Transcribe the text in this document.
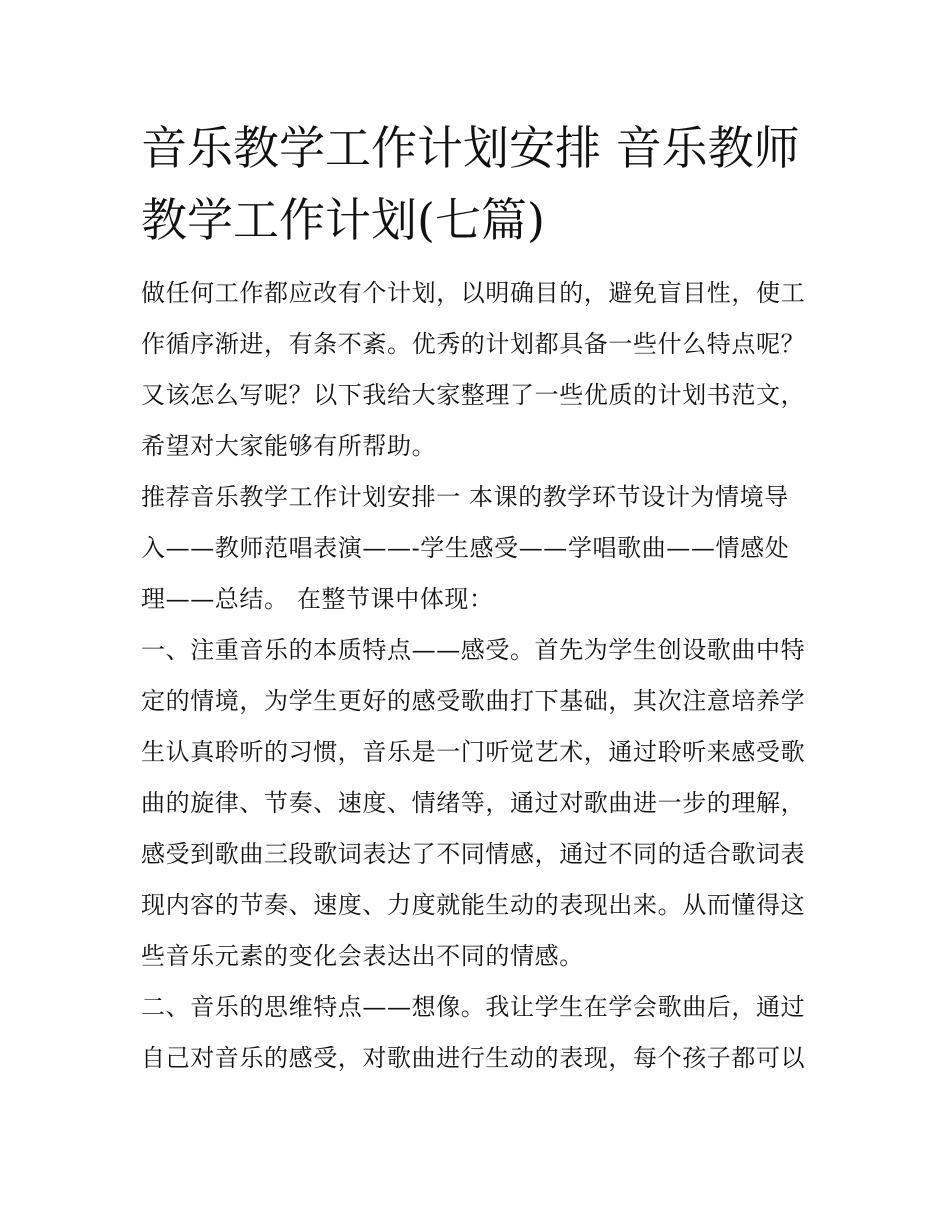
音乐教学工作计划安排 音乐教师教学工作计划(七篇)

做任何工作都应改有个计划，以明确目的，避免盲目性，使工作循序渐进，有条不紊。优秀的计划都具备一些什么特点呢？又该怎么写呢？以下我给大家整理了一些优质的计划书范文，希望对大家能够有所帮助。

推荐音乐教学工作计划安排一 本课的教学环节设计为情境导入——教师范唱表演——-学生感受——学唱歌曲——情感处理——总结。 在整节课中体现：

一、注重音乐的本质特点——感受。首先为学生创设歌曲中特定的情境，为学生更好的感受歌曲打下基础，其次注意培养学生认真聆听的习惯，音乐是一门听觉艺术，通过聆听来感受歌曲的旋律、节奏、速度、情绪等，通过对歌曲进一步的理解，感受到歌曲三段歌词表达了不同情感，通过不同的适合歌词表现内容的节奏、速度、力度就能生动的表现出来。从而懂得这些音乐元素的变化会表达出不同的情感。

二、音乐的思维特点——想像。我让学生在学会歌曲后，通过自己对音乐的感受，对歌曲进行生动的表现，每个孩子都可以
